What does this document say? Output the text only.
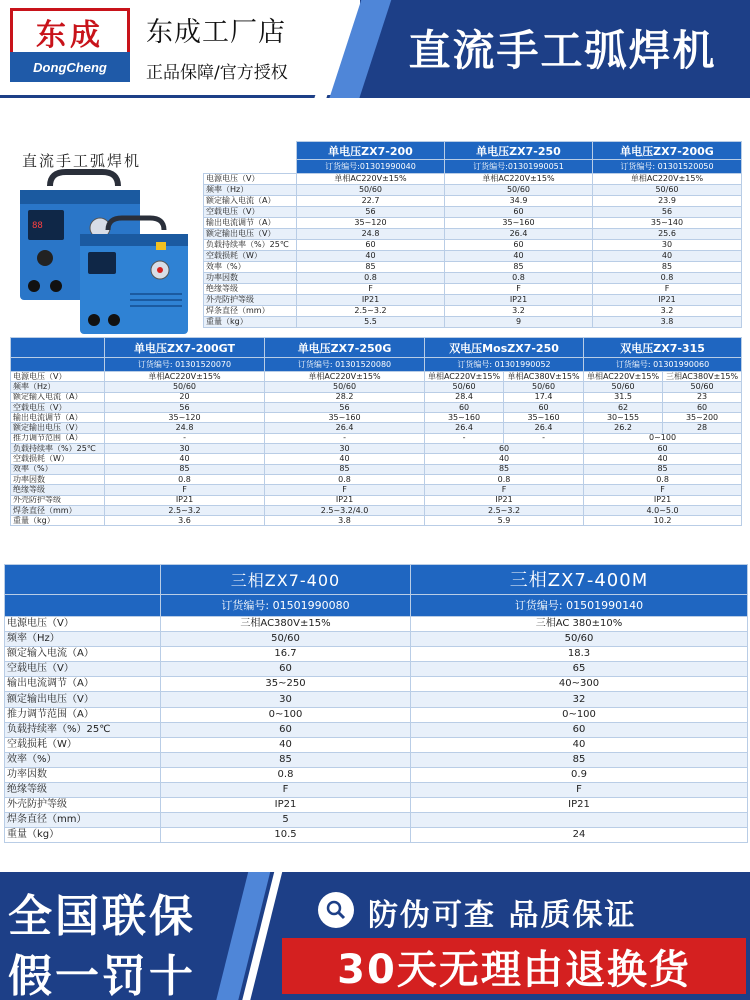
东成
DongCheng
东成工厂店
正品保障/官方授权	直流手工弧焊机
直流手工弧焊机
88
	单电压ZX7-200	单电压ZX7-250	单电压ZX7-200G
	订货编号:01301990040	订货编号:01301990051	订货编号: 01301520050
电源电压（V）	单相AC220V±15%	单相AC220V±15%	单相AC220V±15%
频率（Hz）	50/60	50/60	50/60
额定输入电流（A）	22.7	34.9	23.9
空载电压（V）	56	60	56
输出电流调节（A）	35~120	35~160	35~140
额定输出电压（V）	24.8	26.4	25.6
负载持续率（%）25℃	60	60	30
空载损耗（W）	40	40	40
效率（%）	85	85	85
功率因数	0.8	0.8	0.8
绝缘等级	F	F	F
外壳防护等级	IP21	IP21	IP21
焊条直径（mm）	2.5~3.2	3.2	3.2
重量（kg）	5.5	9	3.8
	单电压ZX7-200GT	单电压ZX7-250G	双电压MosZX7-250		双电压ZX7-315	
	订货编号: 01301520070	订货编号: 01301520080	订货编号: 01301990052		订货编号: 01301990060	
电源电压（V）	单相AC220V±15%	单相AC220V±15%	单相AC220V±15%	单相AC380V±15%	单相AC220V±15%	三相AC380V±15%
频率（Hz）	50/60	50/60	50/60	50/60	50/60	50/60
额定输入电流（A）	20	28.2	28.4	17.4	31.5	23
空载电压（V）	56	56	60	60	62	60
输出电流调节（A）	35~120	35~160	35~160	35~160	30~155	35~200
额定输出电压（V）	24.8	26.4	26.4	26.4	26.2	28
推力调节范围（A）	-	-	-	-	0~100	
负载持续率（%）25℃	30	30	60		60	
空载损耗（W）	40	40	40		40	
效率（%）	85	85	85		85	
功率因数	0.8	0.8	0.8		0.8	
绝缘等级	F	F	F		F	
外壳防护等级	IP21	IP21	IP21		IP21	
焊条直径（mm）	2.5~3.2	2.5~3.2/4.0	2.5~3.2		4.0~5.0	
重量（kg）	3.6	3.8	5.9		10.2	
	三相ZX7-400	三相ZX7-400M
	订货编号: 01501990080	订货编号: 01501990140
电源电压（V）	三相AC380V±15%	三相AC 380±10%
频率（Hz）	50/60	50/60
额定输入电流（A）	16.7	18.3
空载电压（V）	60	65
输出电流调节（A）	35~250	40~300
额定输出电压（V）	30	32
推力调节范围（A）	0~100	0~100
负载持续率（%）25℃	60	60
空载损耗（W）	40	40
效率（%）	85	85
功率因数	0.8	0.9
绝缘等级	F	F
外壳防护等级	IP21	IP21
焊条直径（mm）	5	
重量（kg）	10.5	24
全国联保
假一罚十
防伪可查 品质保证
30天无理由退换货
